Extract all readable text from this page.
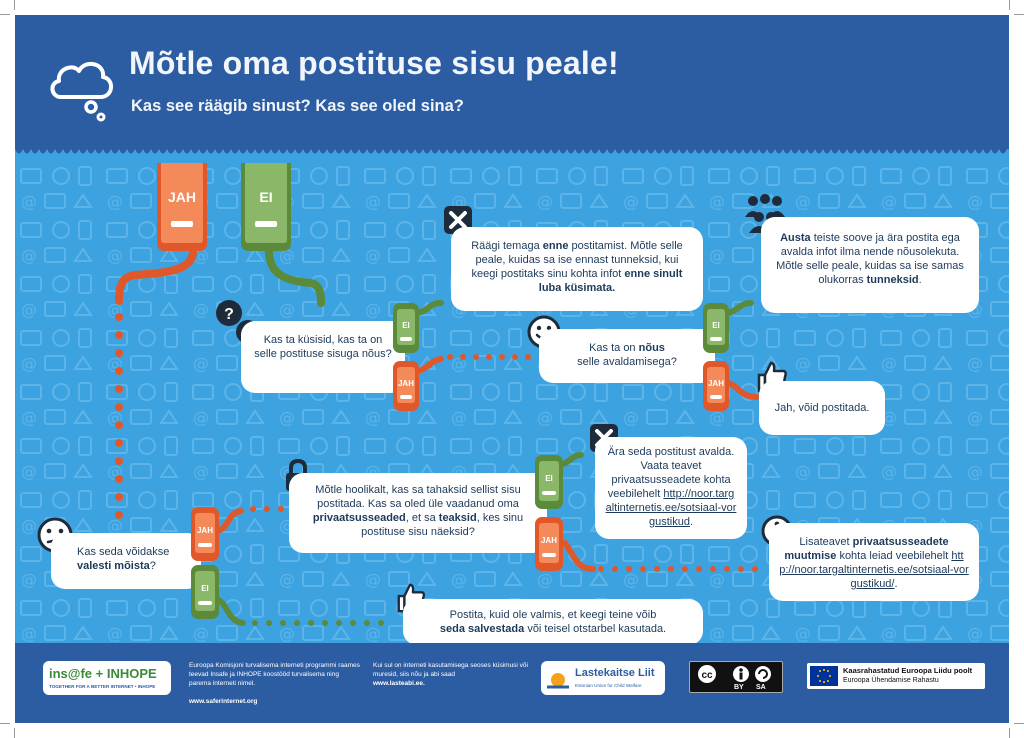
Mõtle oma postituse sisu peale!
Kas see räägib sinust? Kas see oled sina?
JAH	EI
?
Kas ta küsisid, kas ta on selle postituse sisuga nõus?
EI
JAH
Räägi temaga enne postitamist. Mõtle selle peale, kuidas sa ise ennast tunneksid, kui keegi postitaks sinu kohta infot enne sinult luba küsimata.
Kas ta on nõus
selle avaldamisega?
EI
JAH
Austa teiste soove ja ära postita ega avalda infot ilma nende nõusolekuta. Mõtle selle peale, kuidas sa ise samas olukorras tunneksid.
Jah, võid postitada.
Mõtle hoolikalt, kas sa tahaksid sellist sisu postitada. Kas sa oled üle vaadanud oma privaatsusseaded, et sa teaksid, kes sinu postituse sisu näeksid?
EI
JAH
Ära seda postitust avalda. Vaata teavet privaatsusseadete kohta veebilehelt http://noor.targaltinternetis.ee/sotsiaal-vorgustikud.
Lisateavet privaatsusseadete muutmise kohta leiad veebilehelt http://noor.targaltinternetis.ee/sotsiaal-vorgustikud/.
Kas seda võidakse
valesti mõista?
JAH
EI
Postita, kuid ole valmis, et keegi teine võib
seda salvestada või teisel otstarbel kasutada.
ins@fe + INHOPE
TOGETHER FOR A BETTER INTERNET • INHOPE
Euroopa Komisjoni turvalisema interneti programmi raames teevad Insafe ja INHOPE koostööd turvalisema ning parema interneti nimel.

www.saferinternet.org
Kui sul on interneti kasutamisega seoses küsimusi või muresid, siis nõu ja abi saad
www.lasteabi.ee.
Lastekaitse Liit
Estonian Union for Child Welfare
cc
BY SA
Kaasrahastatud Euroopa Liidu poolt
Euroopa Ühendamise Rahastu
